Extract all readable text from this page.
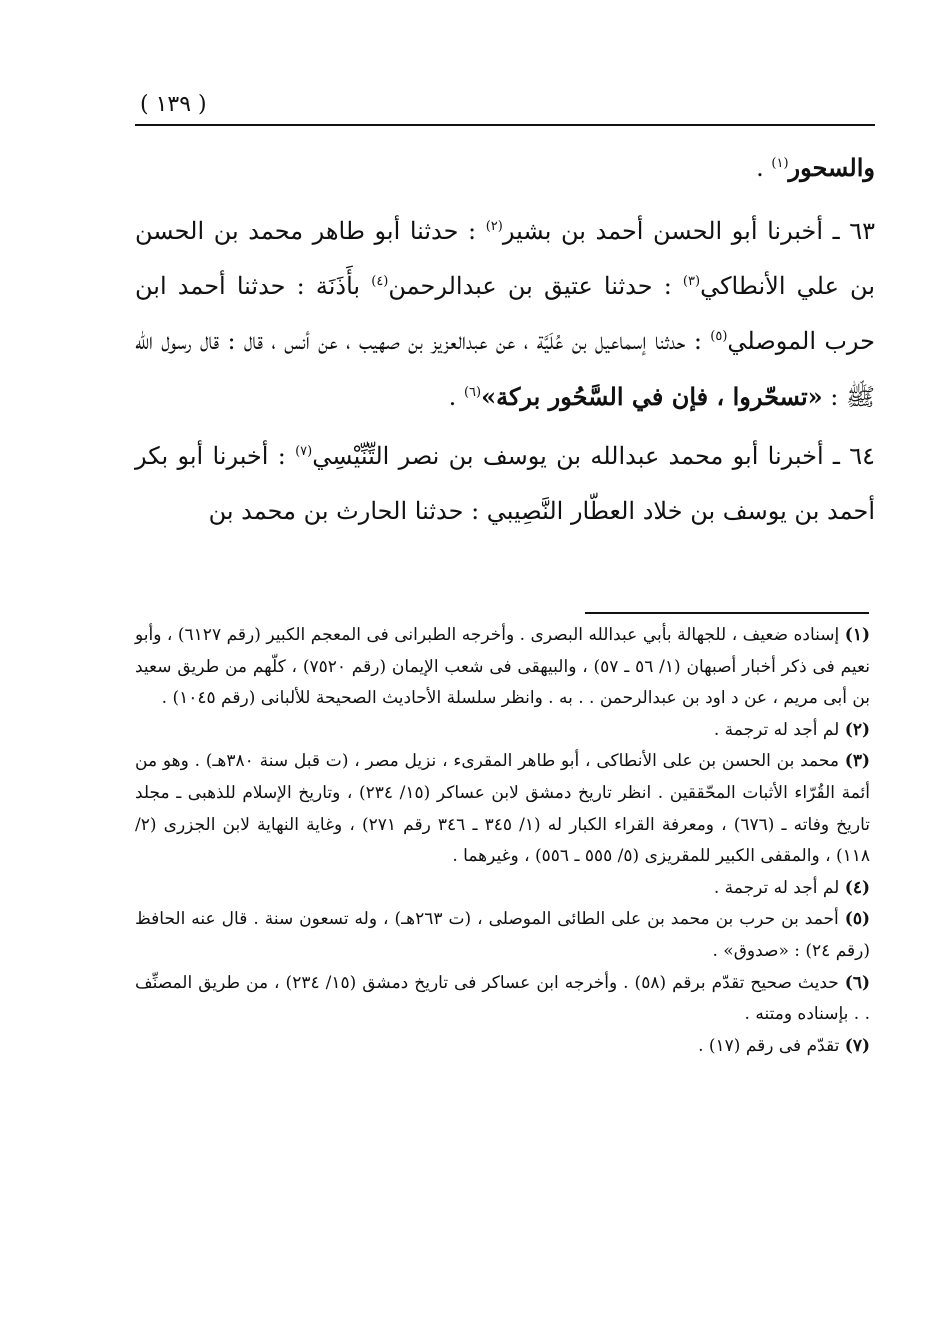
( ١٣٩ )

والسحور$^{(١)}$ .

٦٣ ـ أخبرنا أبو الحسن أحمد بن بشير$^{(٢)}$ : حدثنا أبو طاهر محمد بن الحسن بن علي الأنطاكي$^{(٣)}$ : حدثنا عتيق بن عبدالرحمن$^{(٤)}$ بأَذَنَة : حدثنا أحمد ابن حرب الموصلي$^{(٥)}$ : حدثنا إسماعيل بن عُلَيَّة ، عن عبدالعزيز بن صهيب ، عن أنس ، قال : قال رسول الله ﷺ : «تسحّروا ، فإن في السَّحُور بركة»$^{(٦)}$ .

٦٤ ـ أخبرنا أبو محمد عبدالله بن يوسف بن نصر التِّنِّيْسِي$^{(٧)}$ : أخبرنا أبو بكر أحمد بن يوسف بن خلاد العطّار النَّصِيبي : حدثنا الحارث بن محمد بن

(١) إسناده ضعيف ، للجهالة بأبي عبدالله البصرى . وأخرجه الطبرانى فى المعجم الكبير (رقم ٦١٢٧) ، وأبو نعيم فى ذكر أخبار أصبهان (١/ ٥٦ ـ ٥٧) ، والبيهقى فى شعب الإيمان (رقم ٧٥٢٠) ، كلّهم من طريق سعيد بن أبى مريم ، عن د اود بن عبدالرحمن . . به . وانظر سلسلة الأحاديث الصحيحة للألبانى (رقم ١٠٤٥) .

(٢) لم أجد له ترجمة .

(٣) محمد بن الحسن بن على الأنطاكى ، أبو طاهر المقرىء ، نزيل مصر ، (ت قبل سنة ٣٨٠هـ) . وهو من أئمة القُرّاء الأثبات المحّققين . انظر تاريخ دمشق لابن عساكر (١٥/ ٢٣٤) ، وتاريخ الإسلام للذهبى ـ مجلد تاريخ وفاته ـ (٦٧٦) ، ومعرفة القراء الكبار له (١/ ٣٤٥ ـ ٣٤٦ رقم ٢٧١) ، وغاية النهاية لابن الجزرى (٢/ ١١٨) ، والمقفى الكبير للمقريزى (٥/ ٥٥٥ ـ ٥٥٦) ، وغيرهما .

(٤) لم أجد له ترجمة .

(٥) أحمد بن حرب بن محمد بن على الطائى الموصلى ، (ت ٢٦٣هـ) ، وله تسعون سنة . قال عنه الحافظ (رقم ٢٤) : «صدوق» .

(٦) حديث صحيح تقدّم برقم (٥٨) . وأخرجه ابن عساكر فى تاريخ دمشق (١٥/ ٢٣٤) ، من طريق المصنِّف . . بإسناده ومتنه .

(٧) تقدّم فى رقم (١٧) .
